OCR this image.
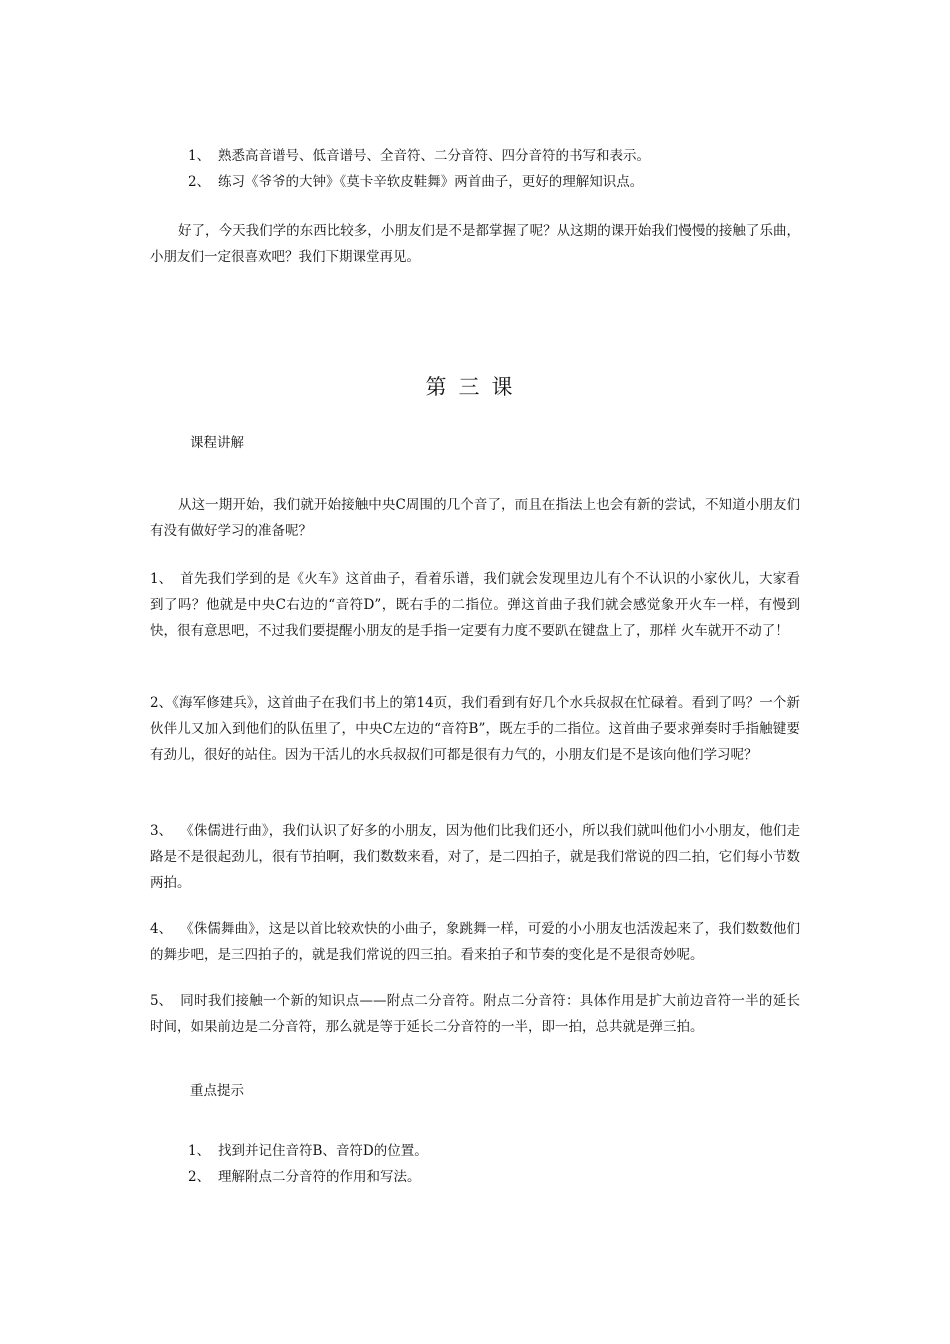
1、 熟悉高音谱号、低音谱号、全音符、二分音符、四分音符的书写和表示。
2、 练习《爷爷的大钟》《莫卡辛软皮鞋舞》两首曲子，更好的理解知识点。
好了，今天我们学的东西比较多，小朋友们是不是都掌握了呢？从这期的课开始我们慢慢的接触了乐曲，小朋友们一定很喜欢吧？我们下期课堂再见。
第三课
课程讲解
从这一期开始，我们就开始接触中央C周围的几个音了，而且在指法上也会有新的尝试，不知道小朋友们有没有做好学习的准备呢？
1、 首先我们学到的是《火车》这首曲子，看着乐谱，我们就会发现里边儿有个不认识的小家伙儿，大家看到了吗？他就是中央C右边的“音符D”，既右手的二指位。弹这首曲子我们就会感觉象开火车一样，有慢到快，很有意思吧，不过我们要提醒小朋友的是手指一定要有力度不要趴在键盘上了，那样 火车就开不动了！
2、《海军修建兵》，这首曲子在我们书上的第14页，我们看到有好几个水兵叔叔在忙碌着。看到了吗？一个新伙伴儿又加入到他们的队伍里了，中央C左边的“音符B”，既左手的二指位。这首曲子要求弹奏时手指触键要有劲儿，很好的站住。因为干活儿的水兵叔叔们可都是很有力气的，小朋友们是不是该向他们学习呢？
3、 《侏儒进行曲》，我们认识了好多的小朋友，因为他们比我们还小，所以我们就叫他们小小朋友，他们走路是不是很起劲儿，很有节拍啊，我们数数来看，对了，是二四拍子，就是我们常说的四二拍，它们每小节数两拍。
4、 《侏儒舞曲》，这是以首比较欢快的小曲子，象跳舞一样，可爱的小小朋友也活泼起来了，我们数数他们的舞步吧，是三四拍子的，就是我们常说的四三拍。看来拍子和节奏的变化是不是很奇妙呢。
5、 同时我们接触一个新的知识点——附点二分音符。附点二分音符：具体作用是扩大前边音符一半的延长时间，如果前边是二分音符，那么就是等于延长二分音符的一半，即一拍，总共就是弹三拍。
重点提示
1、 找到并记住音符B、音符D的位置。
2、 理解附点二分音符的作用和写法。
